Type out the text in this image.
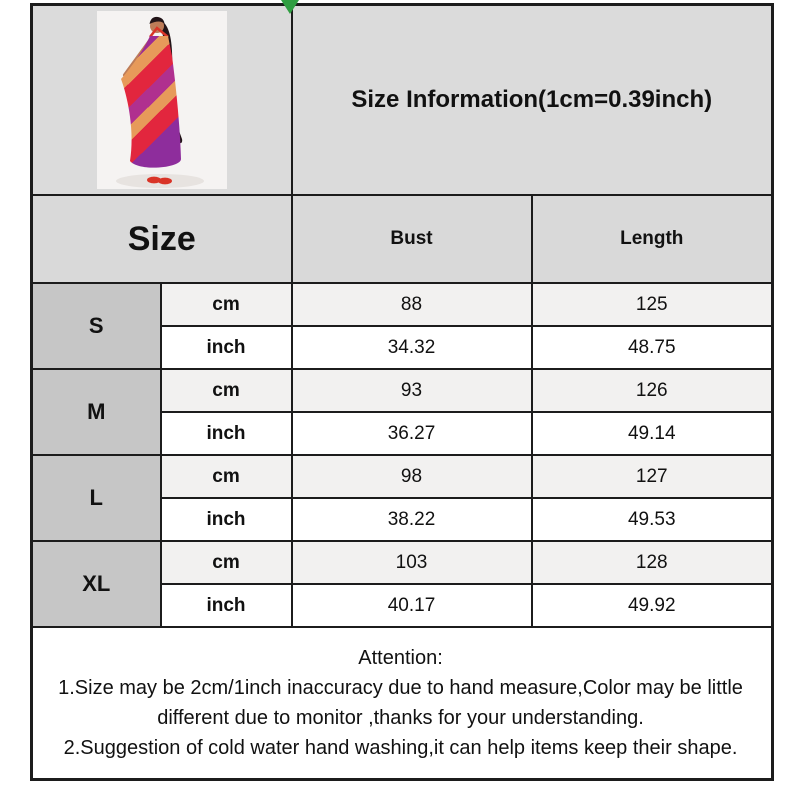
	Size Information(1cm=0.39inch)	
Size		Bust	Length
S	cm	88	125
	inch	34.32	48.75
M	cm	93	126
	inch	36.27	49.14
L	cm	98	127
	inch	38.22	49.53
XL	cm	103	128
	inch	40.17	49.92

Attention:
1.Size may be 2cm/1inch inaccuracy due to hand measure,Color may be little different due to monitor ,thanks for your understanding.
2.Suggestion of cold water hand washing,it can help items keep their shape.			
